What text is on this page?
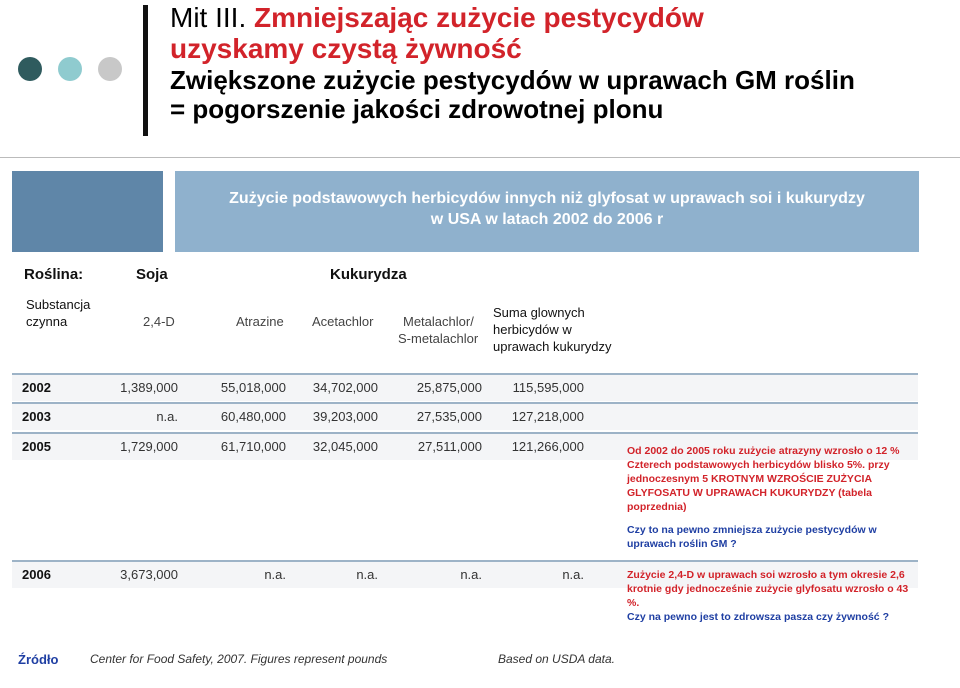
Mit III. Zmniejszając zużycie pestycydów
uzyskamy czystą żywność
Zwiększone zużycie pestycydów w uprawach GM roślin
= pogorszenie jakości zdrowotnej plonu
Zużycie podstawowych herbicydów innych niż glyfosat w uprawach soi i kukurydzy
w USA w latach 2002 do 2006 r
Roślina:	Soja	Kukurydza
Substancja
czynna	2,4-D	Atrazine Acetachlor	Metalachlor/
S-metalachlor
Suma glownych
herbicydów w
uprawach kukurydzy
2002	1,389,000	55,018,000 34,702,000	25,875,000 115,595,000
2003	n.a.	60,480,000 39,203,000	27,535,000 127,218,000
2005	1,729,000	61,710,000 32,045,000	27,511,000 121,266,000
2006	3,673,000	n.a.	n.a.	n.a.	n.a.
Od 2002 do 2005 roku zużycie atrazyny wzrosło o 12 % Czterech podstawowych herbicydów blisko 5%. przy jednoczesnym 5 KROTNYM WZROŚCIE ZUŻYCIA GLYFOSATU W UPRAWACH KUKURYDZY (tabela poprzednia)
Czy to na pewno zmniejsza zużycie pestycydów w uprawach roślin GM ?
Zużycie 2,4-D w uprawach soi wzrosło a tym okresie 2,6 krotnie gdy jednocześnie zużycie glyfosatu wzrosło o 43 %.
Czy na pewno jest to zdrowsza pasza czy żywność ?
Źródło	Center for Food Safety, 2007. Figures represent pounds	Based on USDA data.
